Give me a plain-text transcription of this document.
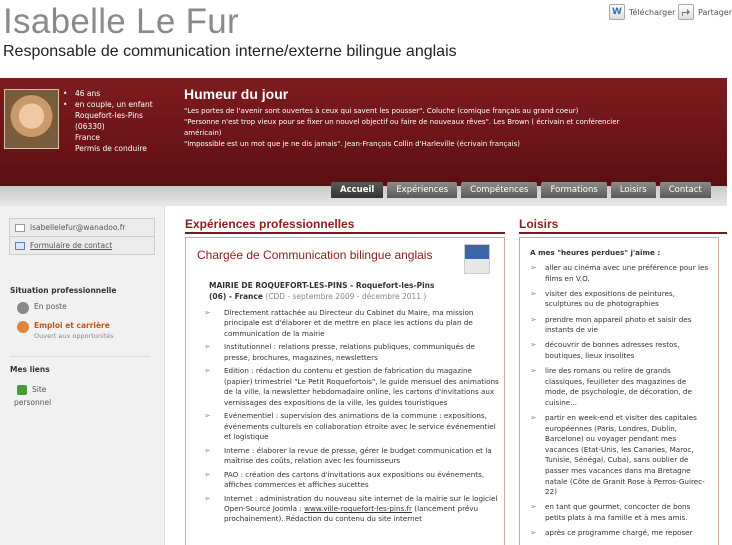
Isabelle Le Fur
Responsable de communication interne/externe bilingue anglais
W Télécharger	Partager
• 46 ans
• en couple, un enfant
Roquefort-les-Pins
(06330)
France
Permis de conduire
Humeur du jour
"Les portes de l'avenir sont ouvertes à ceux qui savent les pousser". Coluche (comique français au grand coeur)
"Personne n'est trop vieux pour se fixer un nouvel objectif ou faire de nouveaux rêves". Les Brown ( écrivain et conférencier américain)
"Impossible est un mot que je ne dis jamais". Jean-François Collin d'Harleville (écrivain français)
Accueil	Expériences	Compétences	Formations	Loisirs	Contact
isabellelefur@wanadoo.fr
Formulaire de contact
Situation professionnelle
En poste
Emploi et carrière
Ouvert aux opportunités
Mes liens
Site
personnel
Expériences professionnelles
Chargée de Communication bilingue anglais
MAIRIE DE ROQUEFORT-LES-PINS - Roquefort-les-Pins
(06) - France (CDD - septembre 2009 - décembre 2011 )
➢ Directement rattachée au Directeur du Cabinet du Maire, ma mission principale est d'élaborer et de mettre en place les actions du plan de communication de la mairie
➢ Institutionnel : relations presse, relations publiques, communiqués de presse, brochures, magazines, newsletters
➢ Edition : rédaction du contenu et gestion de fabrication du magazine (papier) trimestriel "Le Petit Roquefortois", le guide mensuel des animations de la ville, la newsletter hebdomadaire online, les cartons d'invitations aux vernissages des expositions de la ville, les guides touristiques
➢ Evénementiel : supervision des animations de la commune : expositions, événements culturels en collaboration étroite avec le service événementiel et logistique
➢ Interne : élaborer la revue de presse, gérer le budget communication et la maîtrise des coûts, relation avec les fournisseurs
➢ PAO : création des cartons d'invitations aux expositions ou événements, affiches commerces et affiches sucettes
➢ Internet : administration du nouveau site internet de la mairie sur le logiciel Open-Source Joomla : www.ville-roquefort-les-pins.fr (lancement prévu prochainement). Rédaction du contenu du site internet
Loisirs
A mes "heures perdues" j'aime :
➢ aller au cinéma avec une préférence pour les films en V.O.
➢ visiter des expositions de peintures, sculptures ou de photographies
➢ prendre mon appareil photo et saisir des instants de vie
➢ découvrir de bonnes adresses restos, boutiques, lieux insolites
➢ lire des romans ou relire de grands classiques, feuilleter des magazines de mode, de psychologie, de décoration, de cuisine...
➢ partir en week-end et visiter des capitales européennes (Paris, Londres, Dublin, Barcelone) ou voyager pendant mes vacances (Etat-Unis, les Canaries, Maroc, Tunisie, Sénégal, Cuba), sans oublier de passer mes vacances dans ma Bretagne natale (Côte de Granit Rose à Perros-Guirec-22)
➢ en tant que gourmet, concocter de bons petits plats à ma famille et à mes amis.
➢ après ce programme chargé, me reposer
